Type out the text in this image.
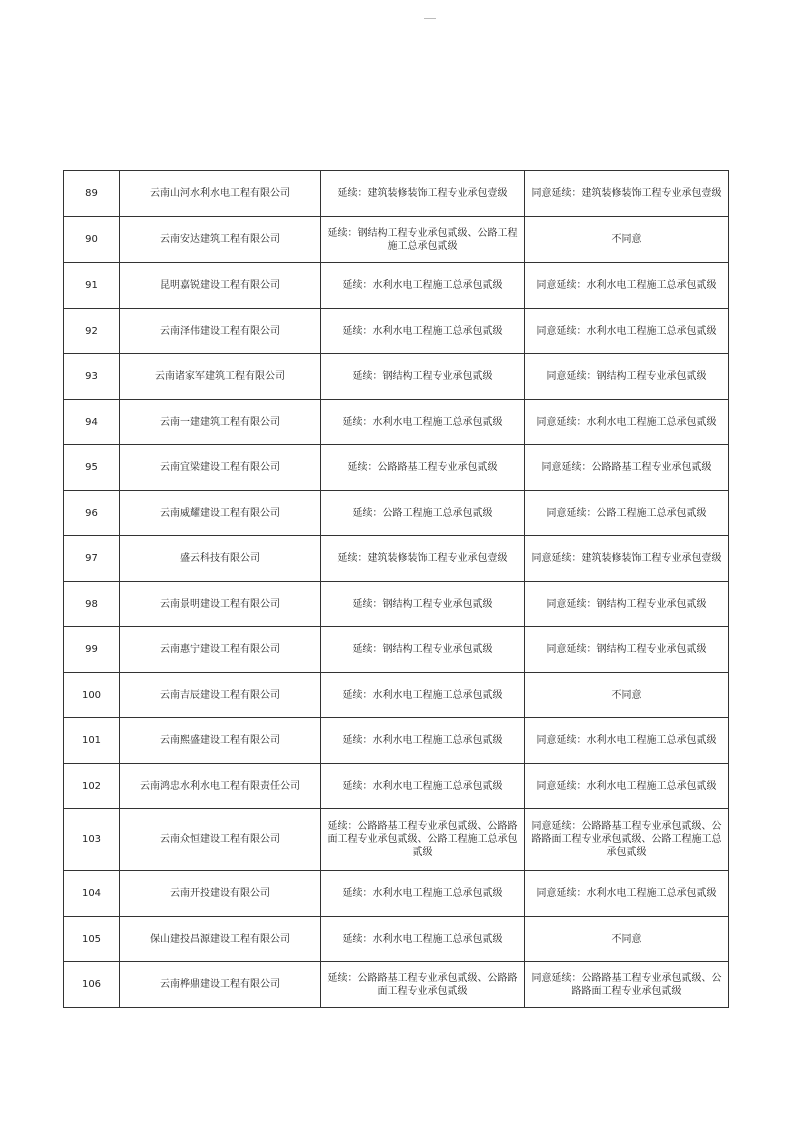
89	云南山河水利水电工程有限公司	延续：建筑装修装饰工程专业承包壹级	同意延续：建筑装修装饰工程专业承包壹级
90	云南安达建筑工程有限公司	延续：钢结构工程专业承包贰级、公路工程施工总承包贰级	不同意
91	昆明嘉锐建设工程有限公司	延续：水利水电工程施工总承包贰级	同意延续：水利水电工程施工总承包贰级
92	云南泽伟建设工程有限公司	延续：水利水电工程施工总承包贰级	同意延续：水利水电工程施工总承包贰级
93	云南诸家军建筑工程有限公司	延续：钢结构工程专业承包贰级	同意延续：钢结构工程专业承包贰级
94	云南一建建筑工程有限公司	延续：水利水电工程施工总承包贰级	同意延续：水利水电工程施工总承包贰级
95	云南宜梁建设工程有限公司	延续：公路路基工程专业承包贰级	同意延续：公路路基工程专业承包贰级
96	云南威耀建设工程有限公司	延续：公路工程施工总承包贰级	同意延续：公路工程施工总承包贰级
97	盛云科技有限公司	延续：建筑装修装饰工程专业承包壹级	同意延续：建筑装修装饰工程专业承包壹级
98	云南景明建设工程有限公司	延续：钢结构工程专业承包贰级	同意延续：钢结构工程专业承包贰级
99	云南惠宁建设工程有限公司	延续：钢结构工程专业承包贰级	同意延续：钢结构工程专业承包贰级
100	云南吉辰建设工程有限公司	延续：水利水电工程施工总承包贰级	不同意
101	云南熙盛建设工程有限公司	延续：水利水电工程施工总承包贰级	同意延续：水利水电工程施工总承包贰级
102	云南鸿忠水利水电工程有限责任公司	延续：水利水电工程施工总承包贰级	同意延续：水利水电工程施工总承包贰级
103	云南众恒建设工程有限公司	延续：公路路基工程专业承包贰级、公路路面工程专业承包贰级、公路工程施工总承包贰级	同意延续：公路路基工程专业承包贰级、公路路面工程专业承包贰级、公路工程施工总承包贰级
104	云南开投建设有限公司	延续：水利水电工程施工总承包贰级	同意延续：水利水电工程施工总承包贰级
105	保山建投昌源建设工程有限公司	延续：水利水电工程施工总承包贰级	不同意
106	云南桦鼎建设工程有限公司	延续：公路路基工程专业承包贰级、公路路面工程专业承包贰级	同意延续：公路路基工程专业承包贰级、公路路面工程专业承包贰级
